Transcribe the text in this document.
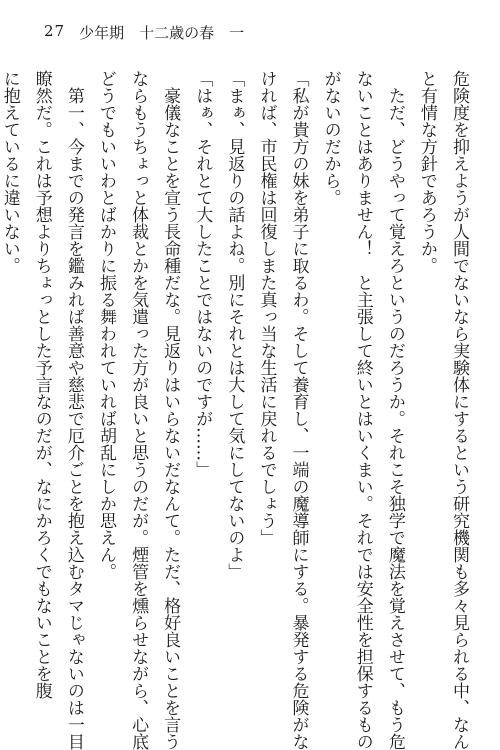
27 少年期　十二歳の春　一

危険度を抑えようが人間でないなら実験体にするという研究機関も多々見られる中、なん

と有情な方針であろうか。

　ただ、どうやって覚えろというのだろうか。それこそ独学で魔法を覚えさせて、もう危

ないことはありません！　と主張して終いとはいくまい。それでは安全性を担保するもの

がないのだから。

「私が貴方の妹を弟子に取るわ。そして養育し、一端の魔導師にする。暴発する危険がな

ければ、市民権は回復しまた真っ当な生活に戻れるでしょう」

「まぁ、見返りの話よね。別にそれとは大して気にしてないのよ」

「はぁ、それとて大したことではないのですが……」

　豪儀なことを宣う長命種だな。見返りはいらないだなんて。ただ、格好良いことを言う

ならもうちょっと体裁とかを気遣った方が良いと思うのだが。煙管を燻らせながら、心底

どうでもいいわとばかりに振る舞われていれば胡乱にしか思えん。

　第一、今までの発言を鑑みれば善意や慈悲で厄介ごとを抱え込むタマじゃないのは一目

瞭然だ。これは予想よりちょっとした予言なのだが、なにかろくでもないことを腹

に抱えているに違いない。
